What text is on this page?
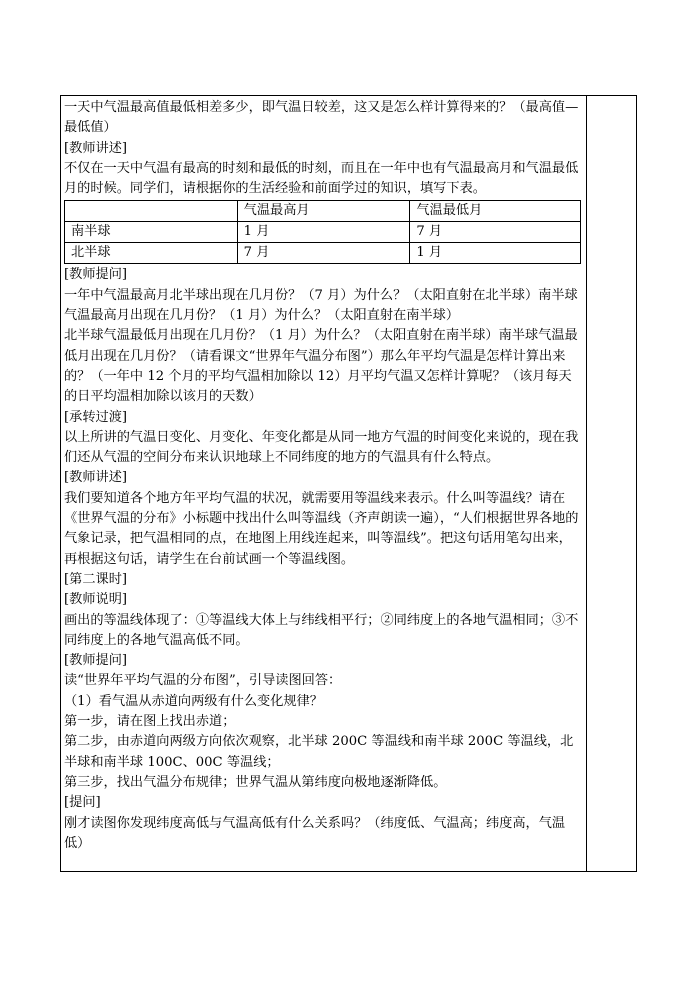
一天中气温最高值最低相差多少，即气温日较差，这又是怎么样计算得来的？（最高值—最低值）

[教师讲述]

不仅在一天中气温有最高的时刻和最低的时刻，而且在一年中也有气温最高月和气温最低月的时候。同学们，请根据你的生活经验和前面学过的知识，填写下表。

	气温最高月	气温最低月
南半球	1 月	7 月
北半球	7 月	1 月

[教师提问]

一年中气温最高月北半球出现在几月份？（7 月）为什么？（太阳直射在北半球）南半球气温最高月出现在几月份？（1 月）为什么？（太阳直射在南半球）

北半球气温最低月出现在几月份？（1 月）为什么？（太阳直射在南半球）南半球气温最低月出现在几月份？（请看课文“世界年气温分布图”）那么年平均气温是怎样计算出来的？（一年中 12 个月的平均气温相加除以 12）月平均气温又怎样计算呢？（该月每天的日平均温相加除以该月的天数）

[承转过渡]

以上所讲的气温日变化、月变化、年变化都是从同一地方气温的时间变化来说的，现在我们还从气温的空间分布来认识地球上不同纬度的地方的气温具有什么特点。

[教师讲述]

我们要知道各个地方年平均气温的状况，就需要用等温线来表示。什么叫等温线？请在《世界气温的分布》小标题中找出什么叫等温线（齐声朗读一遍），“人们根据世界各地的气象记录，把气温相同的点，在地图上用线连起来，叫等温线”。把这句话用笔勾出来，再根据这句话，请学生在台前试画一个等温线图。

[第二课时]

[教师说明]

画出的等温线体现了：①等温线大体上与纬线相平行；②同纬度上的各地气温相同；③不同纬度上的各地气温高低不同。

[教师提问]

读“世界年平均气温的分布图”，引导读图回答：

（1）看气温从赤道向两级有什么变化规律？

第一步，请在图上找出赤道；

第二步，由赤道向两级方向依次观察，北半球 200C 等温线和南半球 200C 等温线，北半球和南半球 100C、00C 等温线；

第三步，找出气温分布规律；世界气温从第纬度向极地逐渐降低。

[提问]

刚才读图你发现纬度高低与气温高低有什么关系吗？（纬度低、气温高；纬度高，气温低）
